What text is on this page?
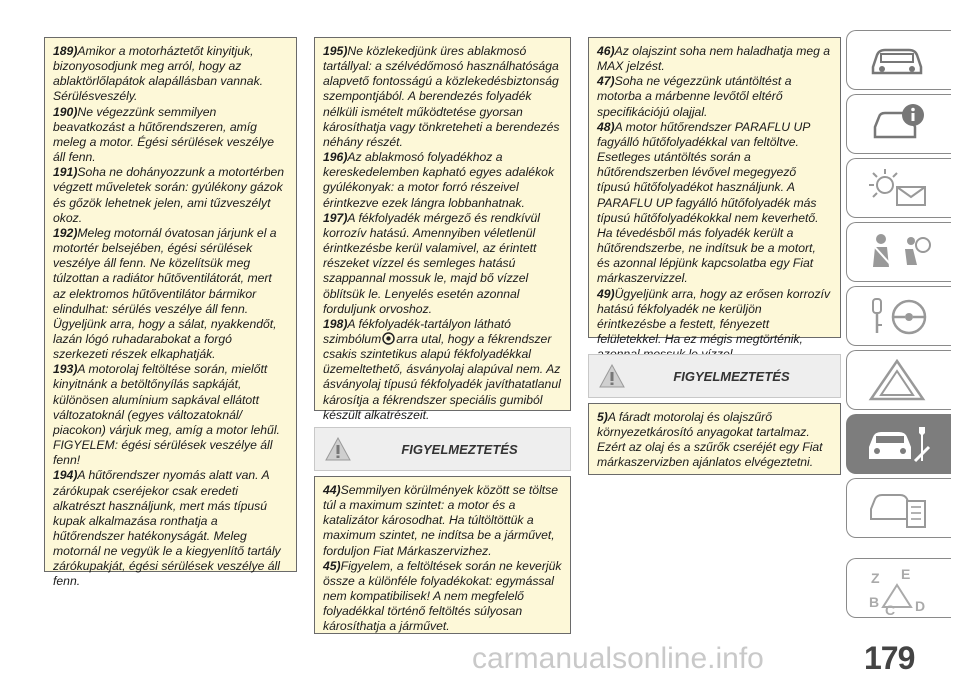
189)Amikor a motorháztetőt kinyitjuk, bizonyosodjunk meg arról, hogy az ablaktörlőlapátok alapállásban vannak. Sérülésveszély.

190)Ne végezzünk semmilyen beavatkozást a hűtőrendszeren, amíg meleg a motor. Égési sérülések veszélye áll fenn.

191)Soha ne dohányozzunk a motortérben végzett műveletek során: gyúlékony gázok és gőzök lehetnek jelen, ami tűzveszélyt okoz.

192)Meleg motornál óvatosan járjunk el a motortér belsejében, égési sérülések veszélye áll fenn. Ne közelítsük meg túlzottan a radiátor hűtőventilátorát, mert az elektromos hűtőventilátor bármikor elindulhat: sérülés veszélye áll fenn. Ügyeljünk arra, hogy a sálat, nyakkendőt, lazán lógó ruhadarabokat a forgó szerkezeti részek elkaphatják.

193)A motorolaj feltöltése során, mielőtt kinyitnánk a betöltőnyílás sapkáját, különösen alumínium sapkával ellátott változatoknál (egyes változatoknál/ piacokon) várjuk meg, amíg a motor lehűl. FIGYELEM: égési sérülések veszélye áll fenn!

194)A hűtőrendszer nyomás alatt van. A zárókupak cseréjekor csak eredeti alkatrészt használjunk, mert más típusú kupak alkalmazása ronthatja a hűtőrendszer hatékonyságát. Meleg motornál ne vegyük le a kiegyenlítő tartály zárókupakját, égési sérülések veszélye áll fenn.

195)Ne közlekedjünk üres ablakmosó tartállyal: a szélvédőmosó használhatósága alapvető fontosságú a közlekedésbiztonság szempontjából. A berendezés folyadék nélküli ismételt működtetése gyorsan károsíthatja vagy tönkreteheti a berendezés néhány részét.

196)Az ablakmosó folyadékhoz a kereskedelemben kapható egyes adalékok gyúlékonyak: a motor forró részeivel érintkezve ezek lángra lobbanhatnak.

197)A fékfolyadék mérgező és rendkívül korrozív hatású. Amennyiben véletlenül érintkezésbe kerül valamivel, az érintett részeket vízzel és semleges hatású szappannal mossuk le, majd bő vízzel öblítsük le. Lenyelés esetén azonnal forduljunk orvoshoz.

198)A fékfolyadék-tartályon látható szimbólum arra utal, hogy a fékrendszer csakis szintetikus alapú fékfolyadékkal üzemeltethető, ásványolaj alapúval nem. Az ásványolaj típusú fékfolyadék javíthatatlanul károsítja a fékrendszer speciális gumiból készült alkatrészeit.

FIGYELMEZTETÉS

44)Semmilyen körülmények között se töltse túl a maximum szintet: a motor és a katalizátor károsodhat. Ha túltöltöttük a maximum szintet, ne indítsa be a járművet, forduljon Fiat Márkaszervizhez.

45)Figyelem, a feltöltések során ne keverjük össze a különféle folyadékokat: egymással nem kompatibilisek! A nem megfelelő folyadékkal történő feltöltés súlyosan károsíthatja a járművet.

46)Az olajszint soha nem haladhatja meg a MAX jelzést.

47)Soha ne végezzünk utántöltést a motorba a márbenne levőtől eltérő specifikációjú olajjal.

48)A motor hűtőrendszer PARAFLU UP fagyálló hűtőfolyadékkal van feltöltve. Esetleges utántöltés során a hűtőrendszerben lévővel megegyező típusú hűtőfolyadékot használjunk. A PARAFLU UP fagyálló hűtőfolyadék más típusú hűtőfolyadékokkal nem keverhető. Ha tévedésből más folyadék került a hűtőrendszerbe, ne indítsuk be a motort, és azonnal lépjünk kapcsolatba egy Fiat márkaszervizzel.

49)Ügyeljünk arra, hogy az erősen korrozív hatású fékfolyadék ne kerüljön érintkezésbe a festett, fényezett felületekkel. Ha ez mégis megtörténik,

FIGYELMEZTETÉS

5)A fáradt motorolaj és olajszűrő környezetkárosító anyagokat tartalmaz. Ezért az olaj és a szűrők cseréjét egy Fiat márkaszervizben ajánlatos elvégeztetni.

Z E
B C D
carmanualsonline.info	179
